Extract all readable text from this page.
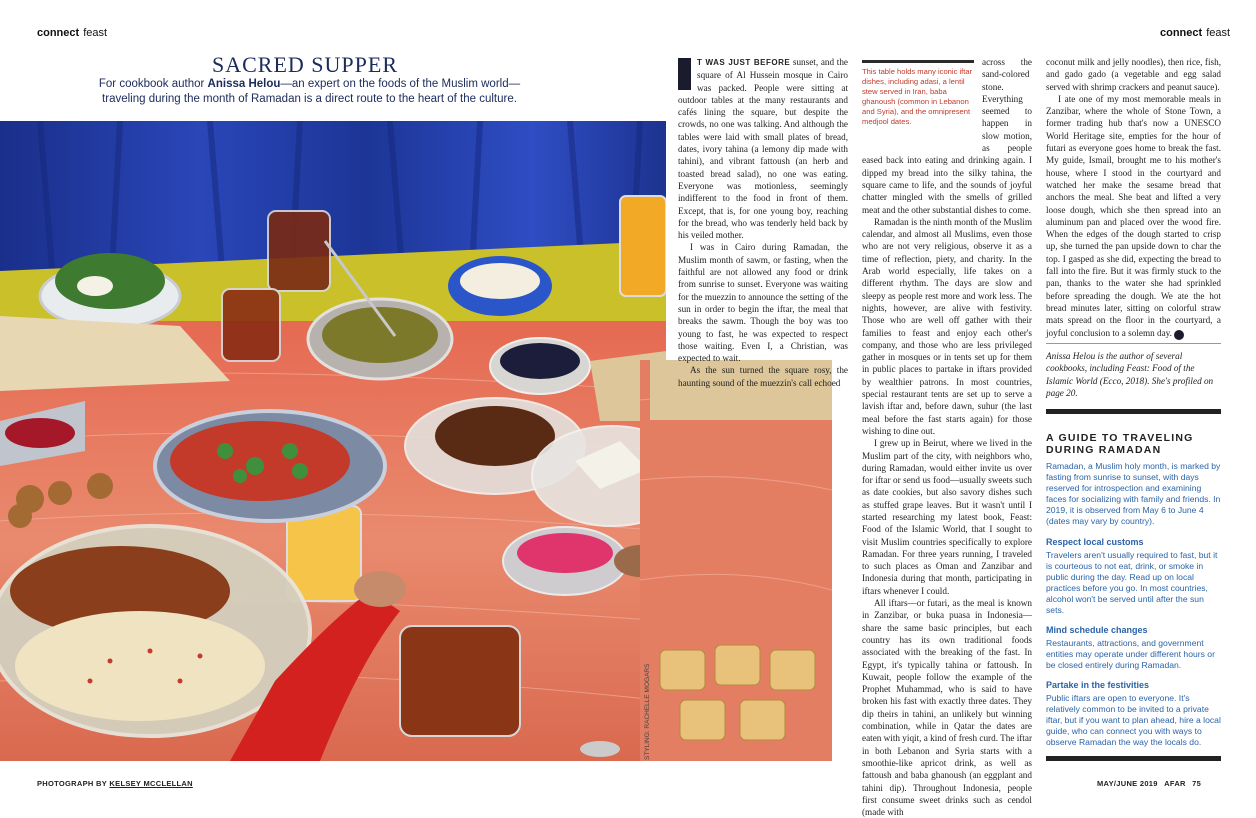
connect feast	connect feast
SACRED SUPPER
For cookbook author Anissa Helou—an expert on the foods of the Muslim world—traveling during the month of Ramadan is a direct route to the heart of the culture.
STYLING: RACHELLE MOGARS

T WAS JUST BEFORE sunset, and the square of Al Hussein mosque in Cairo was packed. People were sitting at outdoor tables at the many restaurants and cafés lining the square, but despite the crowds, no one was talking. And although the tables were laid with small plates of bread, dates, ivory tahina (a lemony dip made with tahini), and vibrant fattoush (an herb and toasted bread salad), no one was eating. Everyone was motionless, seemingly indifferent to the food in front of them. Except, that is, for one young boy, reaching for the bread, who was tenderly held back by his veiled mother.

I was in Cairo during Ramadan, the Muslim month of sawm, or fasting, when the faithful are not allowed any food or drink from sunrise to sunset. Everyone was waiting for the muezzin to announce the setting of the sun in order to begin the iftar, the meal that breaks the sawm. Though the boy was too young to fast, he was expected to respect those waiting. Even I, a Christian, was expected to wait.

As the sun turned the square rosy, the haunting sound of the muezzin's call echoed

This table holds many iconic iftar dishes, including adasi, a lentil stew served in Iran, baba ghanoush (common in Lebanon and Syria), and the omnipresent medjool dates.

across the sand-colored stone. Everything seemed to happen in slow motion, as people eased back into eating and drinking again. I dipped my bread into the silky tahina, the square came to life, and the sounds of joyful chatter mingled with the smells of grilled meat and the other substantial dishes to come.

Ramadan is the ninth month of the Muslim calendar, and almost all Muslims, even those who are not very religious, observe it as a time of reflection, piety, and charity. In the Arab world especially, life takes on a different rhythm. The days are slow and sleepy as people rest more and work less. The nights, however, are alive with festivity. Those who are well off gather with their families to feast and enjoy each other's company, and those who are less privileged gather in mosques or in tents set up for them in public places to partake in iftars provided by wealthier patrons. In most countries, special restaurant tents are set up to serve a lavish iftar and, before dawn, suhur (the last meal before the fast starts again) for those wishing to dine out.

I grew up in Beirut, where we lived in the Muslim part of the city, with neighbors who, during Ramadan, would either invite us over for iftar or send us food—usually sweets such as date cookies, but also savory dishes such as stuffed grape leaves. But it wasn't until I started researching my latest book, Feast: Food of the Islamic World, that I sought to visit Muslim countries specifically to explore Ramadan. For three years running, I traveled to such places as Oman and Zanzibar and Indonesia during that month, participating in iftars whenever I could.

All iftars—or futari, as the meal is known in Zanzibar, or buka puasa in Indonesia—share the same basic principles, but each country has its own traditional foods associated with the breaking of the fast. In Egypt, it's typically tahina or fattoush. In Kuwait, people follow the example of the Prophet Muhammad, who is said to have broken his fast with exactly three dates. They dip theirs in tahini, an unlikely but winning combination, while in Qatar the dates are eaten with yiqit, a kind of fresh curd. The iftar in both Lebanon and Syria starts with a smoothie-like apricot drink, as well as fattoush and baba ghanoush (an eggplant and tahini dip). Throughout Indonesia, people first consume sweet drinks such as cendol (made with

coconut milk and jelly noodles), then rice, fish, and gado gado (a vegetable and egg salad served with shrimp crackers and peanut sauce).

I ate one of my most memorable meals in Zanzibar, where the whole of Stone Town, a former trading hub that's now a UNESCO World Heritage site, empties for the hour of futari as everyone goes home to break the fast. My guide, Ismail, brought me to his mother's house, where I stood in the courtyard and watched her make the sesame bread that anchors the meal. She beat and lifted a very loose dough, which she then spread into an aluminum pan and placed over the wood fire. When the edges of the dough started to crisp up, she turned the pan upside down to char the top. I gasped as she did, expecting the bread to fall into the fire. But it was firmly stuck to the pan, thanks to the water she had sprinkled before spreading the dough. We ate the hot bread minutes later, sitting on colorful straw mats spread on the floor in the courtyard, a joyful conclusion to a solemn day. A

Anissa Helou is the author of several cookbooks, including Feast: Food of the Islamic World (Ecco, 2018). She's profiled on page 20.
A GUIDE TO TRAVELING DURING RAMADAN

Ramadan, a Muslim holy month, is marked by fasting from sunrise to sunset, with days reserved for introspection and examining faces for socializing with family and friends. In 2019, it is observed from May 6 to June 4 (dates may vary by country).

Respect local customs
Travelers aren't usually required to fast, but it is courteous to not eat, drink, or smoke in public during the day. Read up on local practices before you go. In most countries, alcohol won't be served until after the sun sets.
Mind schedule changes
Restaurants, attractions, and government entities may operate under different hours or be closed entirely during Ramadan.
Partake in the festivities
Public iftars are open to everyone. It's relatively common to be invited to a private iftar, but if you want to plan ahead, hire a local guide, who can connect you with ways to observe Ramadan the way the locals do.
PHOTOGRAPH BY KELSEY MCCLELLAN	MAY/JUNE 2019 AFAR 75
